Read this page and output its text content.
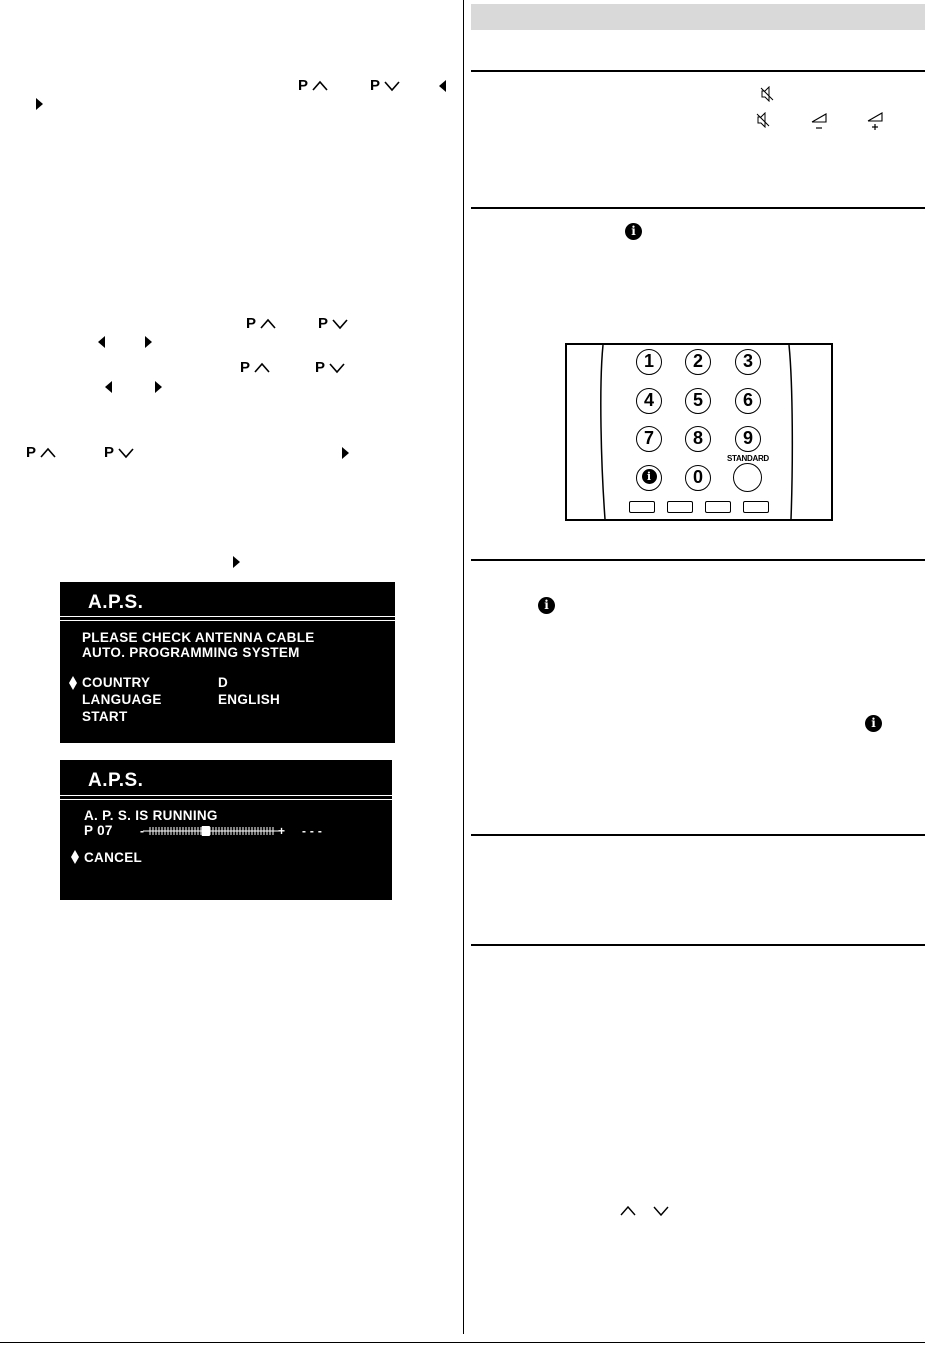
P	P
P	P
P	P
P	P
A.P.S.
PLEASE CHECK ANTENNA CABLE
AUTO. PROGRAMMING SYSTEM
COUNTRY	D
LANGUAGE	ENGLISH
START
A.P.S.
A. P. S. IS RUNNING
P 07 -	+ - - -
CANCEL
i
i
i
1	2	3
4	5	6
7	8	9
i	0
STANDARD
